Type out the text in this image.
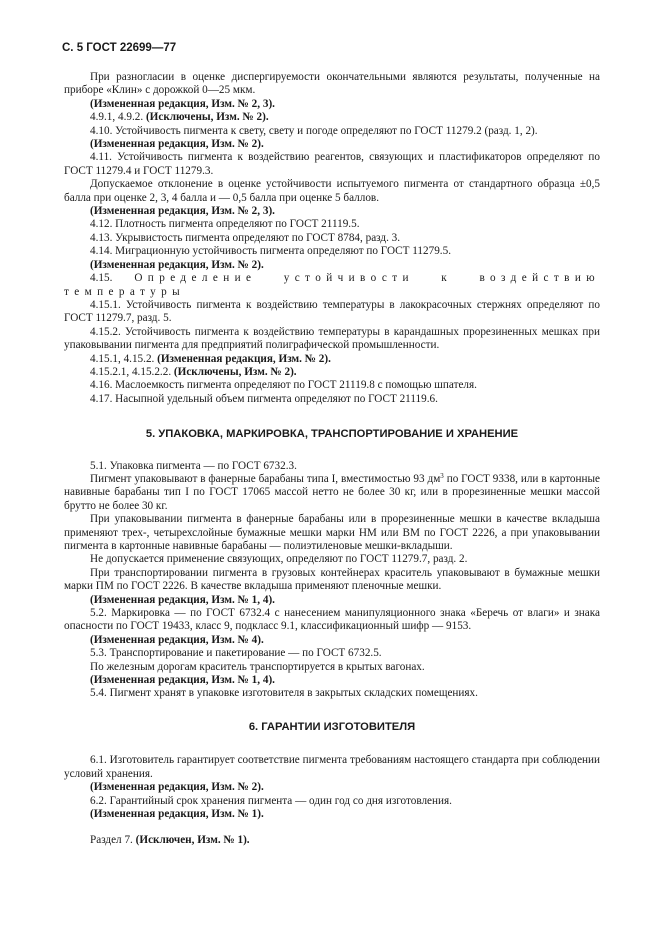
С. 5 ГОСТ 22699—77

При разногласии в оценке диспергируемости окончательными являются результаты, полученные на приборе «Клин» с дорожкой 0—25 мкм.

(Измененная редакция, Изм. № 2, 3).

4.9.1, 4.9.2. (Исключены, Изм. № 2).

4.10. Устойчивость пигмента к свету, свету и погоде определяют по ГОСТ 11279.2 (разд. 1, 2).

(Измененная редакция, Изм. № 2).

4.11. Устойчивость пигмента к воздействию реагентов, связующих и пластификаторов определяют по ГОСТ 11279.4 и ГОСТ 11279.3.

Допускаемое отклонение в оценке устойчивости испытуемого пигмента от стандартного образца ±0,5 балла при оценке 2, 3, 4 балла и — 0,5 балла при оценке 5 баллов.

(Измененная редакция, Изм. № 2, 3).

4.12. Плотность пигмента определяют по ГОСТ 21119.5.

4.13. Укрывистость пигмента определяют по ГОСТ 8784, разд. 3.

4.14. Миграционную устойчивость пигмента определяют по ГОСТ 11279.5.

(Измененная редакция, Изм. № 2).

4.15. Определение устойчивости к воздействию температуры

4.15.1. Устойчивость пигмента к воздействию температуры в лакокрасочных стержнях определяют по ГОСТ 11279.7, разд. 5.

4.15.2. Устойчивость пигмента к воздействию температуры в карандашных прорезиненных мешках при упаковывании пигмента для предприятий полиграфической промышленности.

4.15.1, 4.15.2. (Измененная редакция, Изм. № 2).

4.15.2.1, 4.15.2.2. (Исключены, Изм. № 2).

4.16. Маслоемкость пигмента определяют по ГОСТ 21119.8 с помощью шпателя.

4.17. Насыпной удельный объем пигмента определяют по ГОСТ 21119.6.

5. УПАКОВКА, МАРКИРОВКА, ТРАНСПОРТИРОВАНИЕ И ХРАНЕНИЕ

5.1. Упаковка пигмента — по ГОСТ 6732.3.

Пигмент упаковывают в фанерные барабаны типа I, вместимостью 93 $дм^3$ по ГОСТ 9338, или в картонные навивные барабаны тип I по ГОСТ 17065 массой нетто не более 30 кг, или в прорезиненные мешки массой брутто не более 30 кг.

При упаковывании пигмента в фанерные барабаны или в прорезиненные мешки в качестве вкладыша применяют трех-, четырехслойные бумажные мешки марки НМ или ВМ по ГОСТ 2226, а при упаковывании пигмента в картонные навивные барабаны — полиэтиленовые мешки-вкладыши.

Не допускается применение связующих, определяют по ГОСТ 11279.7, разд. 2.

При транспортировании пигмента в грузовых контейнерах краситель упаковывают в бумажные мешки марки ПМ по ГОСТ 2226. В качестве вкладыша применяют пленочные мешки.

(Измененная редакция, Изм. № 1, 4).

5.2. Маркировка — по ГОСТ 6732.4 с нанесением манипуляционного знака «Беречь от влаги» и знака опасности по ГОСТ 19433, класс 9, подкласс 9.1, классификационный шифр — 9153.

(Измененная редакция, Изм. № 4).

5.3. Транспортирование и пакетирование — по ГОСТ 6732.5.

По железным дорогам краситель транспортируется в крытых вагонах.

(Измененная редакция, Изм. № 1, 4).

5.4. Пигмент хранят в упаковке изготовителя в закрытых складских помещениях.

6. ГАРАНТИИ ИЗГОТОВИТЕЛЯ

6.1. Изготовитель гарантирует соответствие пигмента требованиям настоящего стандарта при соблюдении условий хранения.

(Измененная редакция, Изм. № 2).

6.2. Гарантийный срок хранения пигмента — один год со дня изготовления.

(Измененная редакция, Изм. № 1).

Раздел 7. (Исключен, Изм. № 1).
